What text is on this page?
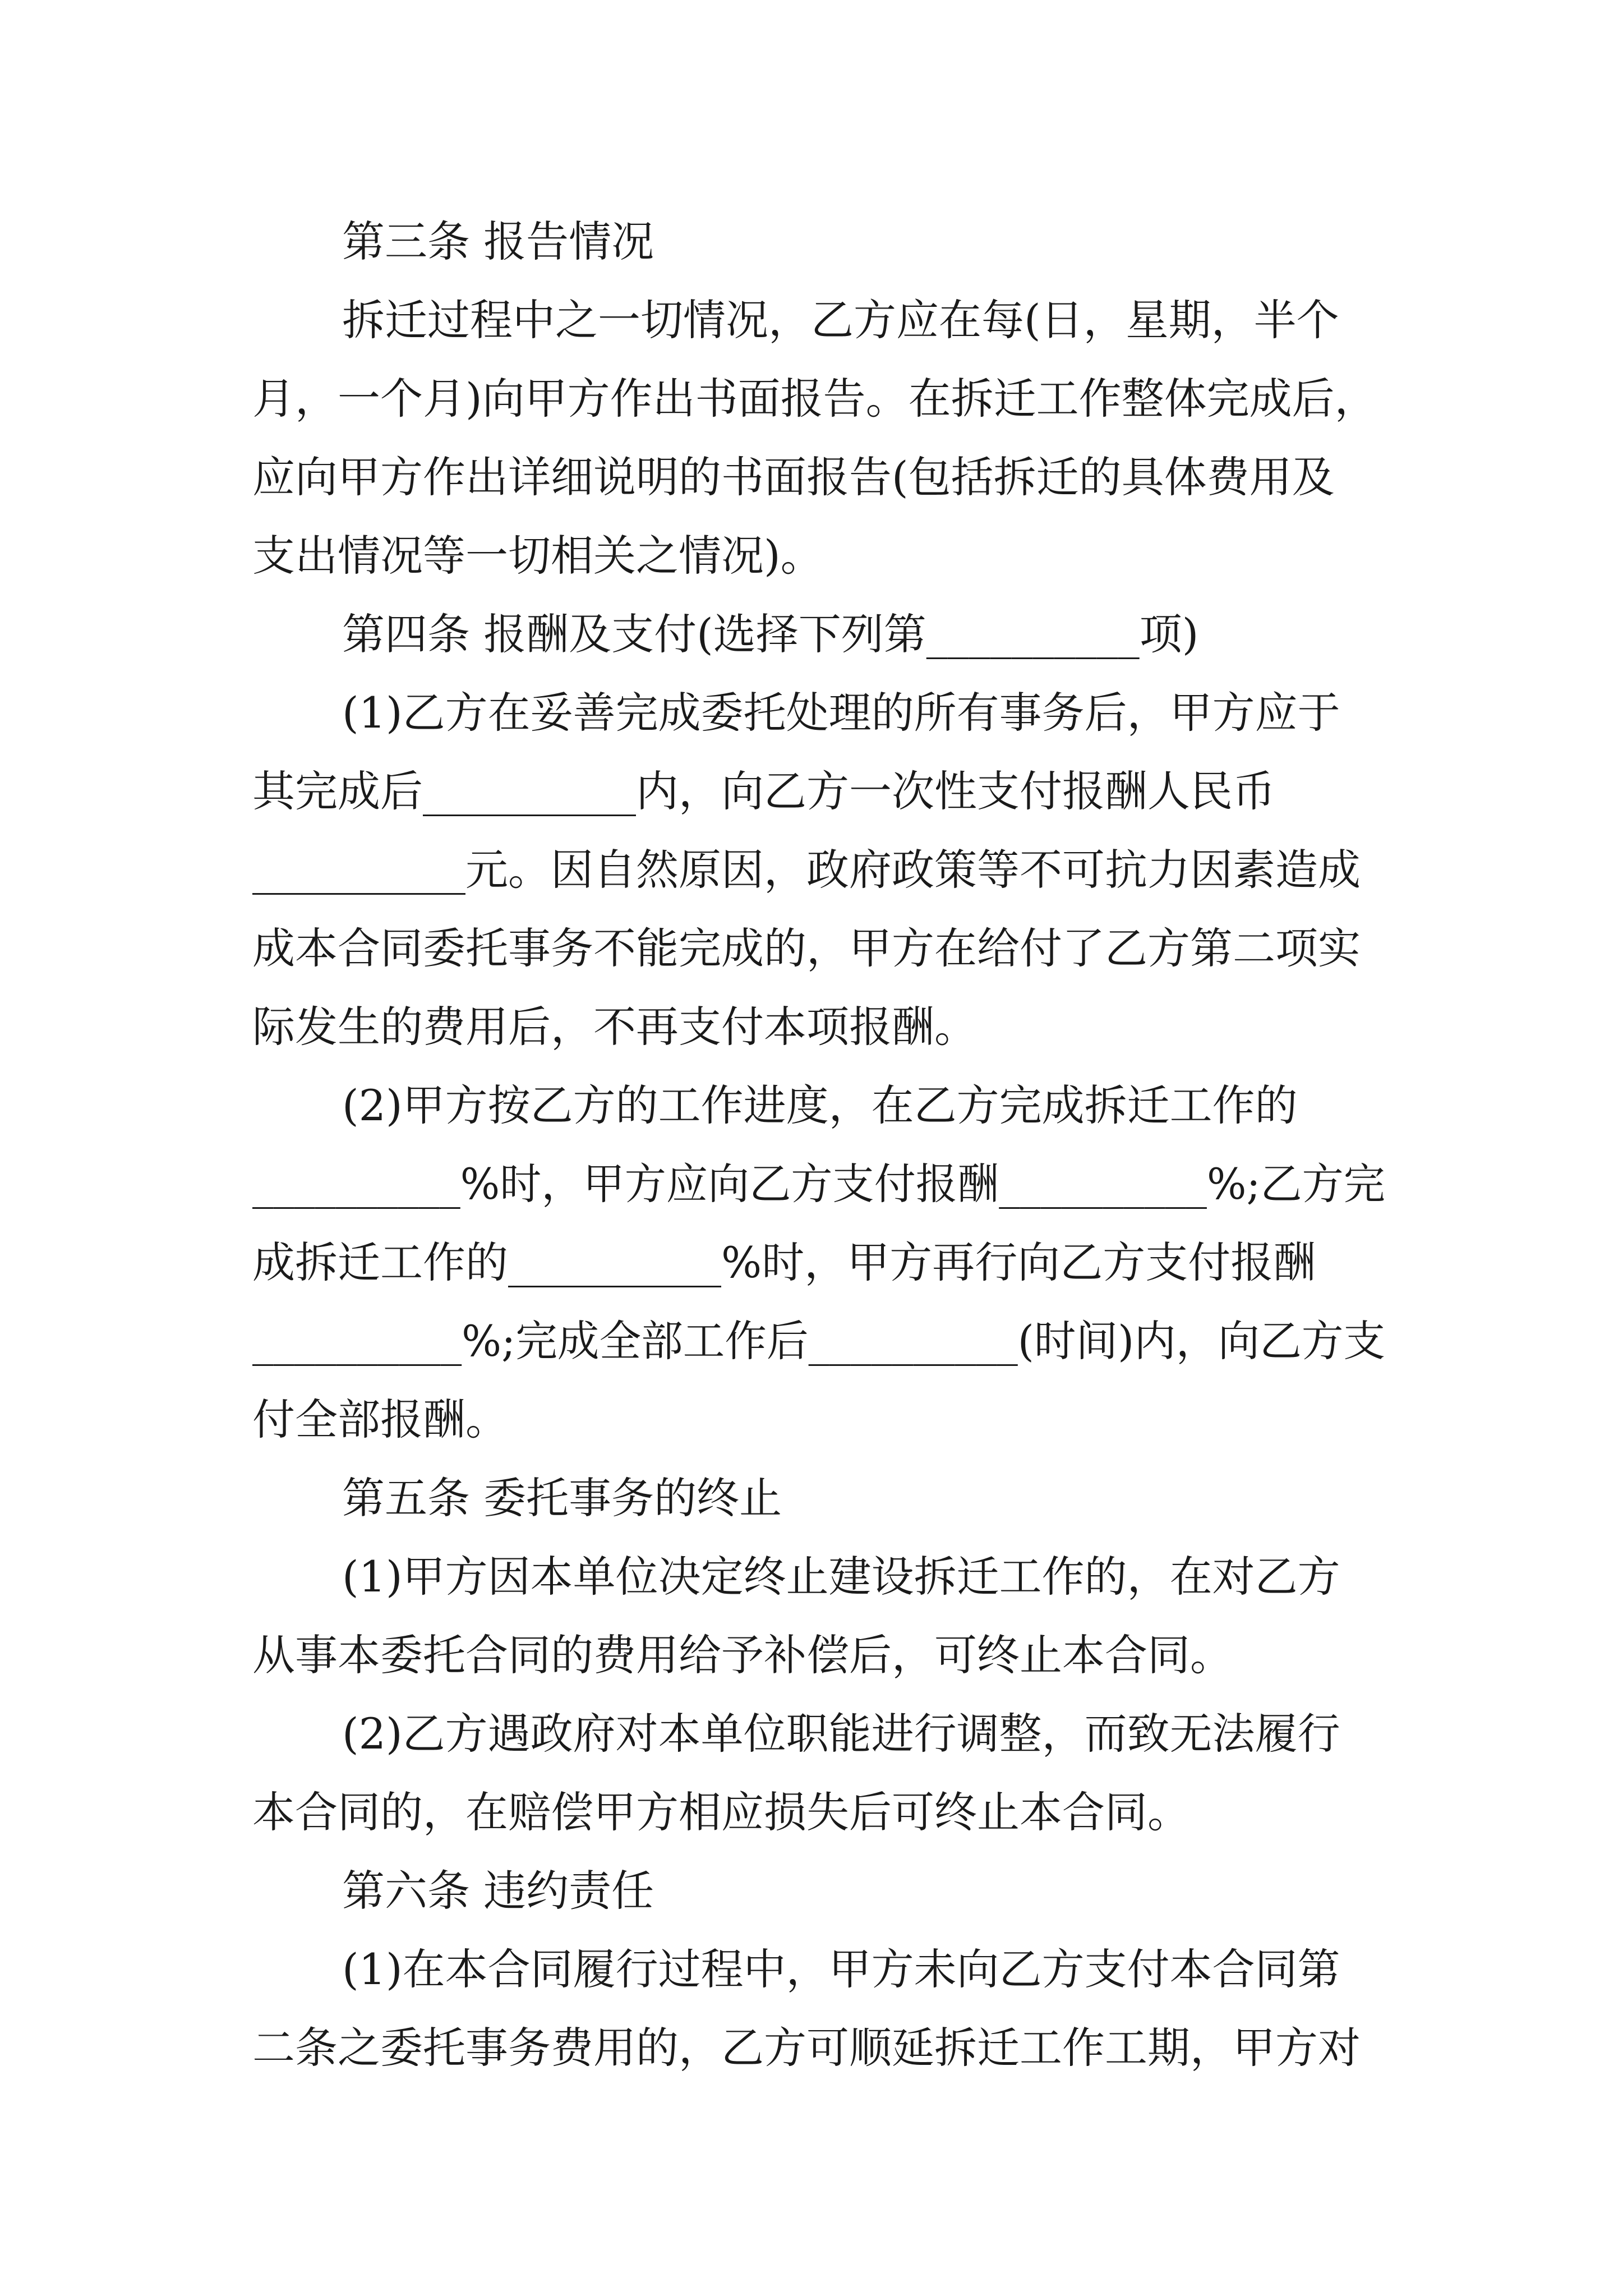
第三条 报告情况
拆迁过程中之一切情况，乙方应在每(日，星期，半个
月，一个月)向甲方作出书面报告。在拆迁工作整体完成后，
应向甲方作出详细说明的书面报告(包括拆迁的具体费用及
支出情况等一切相关之情况)。
第四条 报酬及支付(选择下列第__________项)
(1)乙方在妥善完成委托处理的所有事务后，甲方应于
其完成后__________内，向乙方一次性支付报酬人民币
__________元。因自然原因，政府政策等不可抗力因素造成
成本合同委托事务不能完成的，甲方在给付了乙方第二项实
际发生的费用后，不再支付本项报酬。
(2)甲方按乙方的工作进度，在乙方完成拆迁工作的
__________%时，甲方应向乙方支付报酬__________%;乙方完
成拆迁工作的__________%时，甲方再行向乙方支付报酬
__________%;完成全部工作后__________(时间)内，向乙方支
付全部报酬。
第五条 委托事务的终止
(1)甲方因本单位决定终止建设拆迁工作的，在对乙方
从事本委托合同的费用给予补偿后，可终止本合同。
(2)乙方遇政府对本单位职能进行调整，而致无法履行
本合同的，在赔偿甲方相应损失后可终止本合同。
第六条 违约责任
(1)在本合同履行过程中，甲方未向乙方支付本合同第
二条之委托事务费用的，乙方可顺延拆迁工作工期，甲方对
